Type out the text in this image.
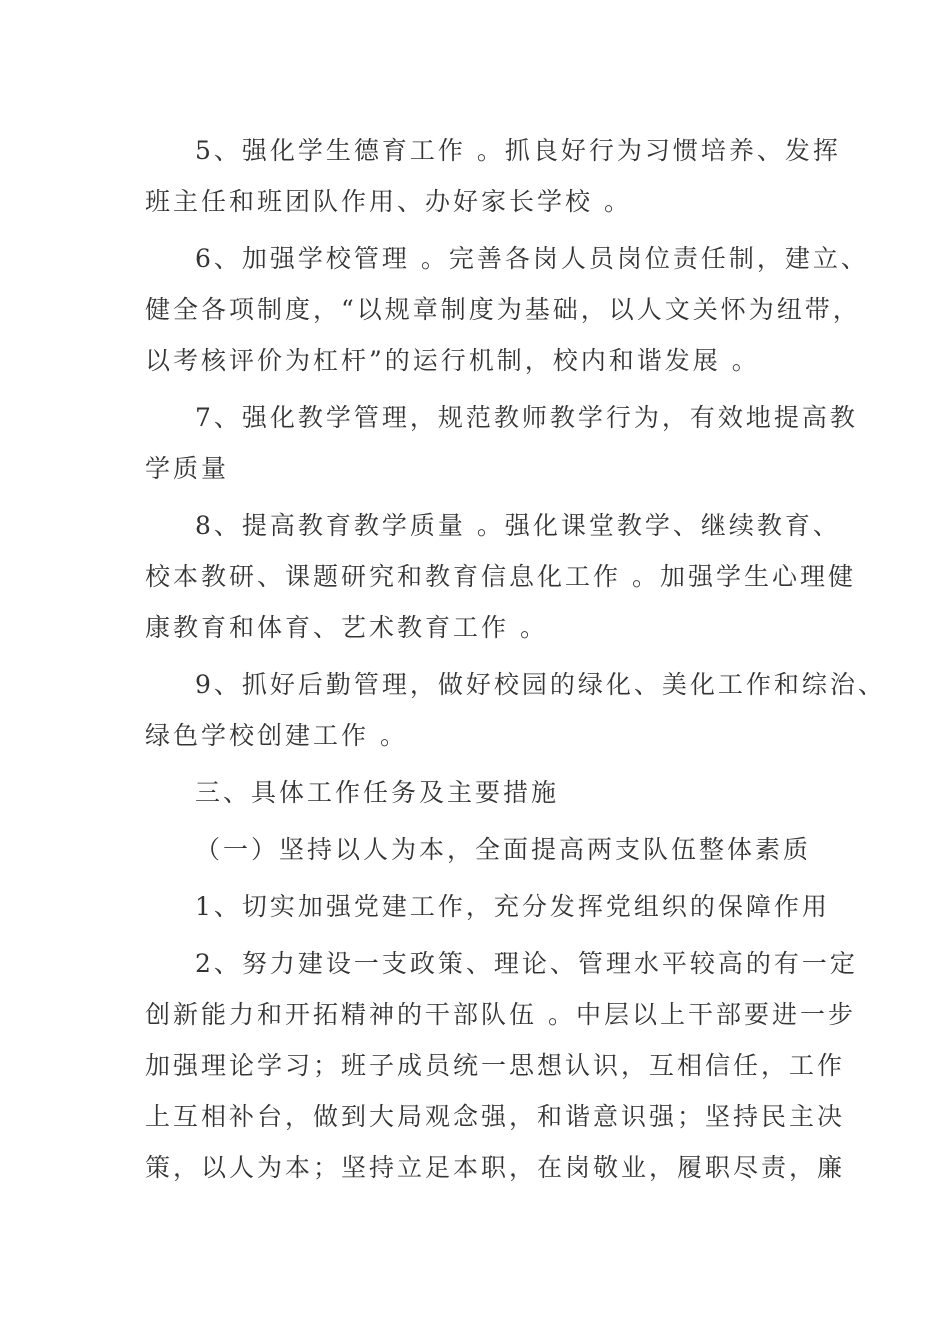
5、强化学生德育工作 。抓良好行为习惯培养、发挥
班主任和班团队作用、办好家长学校 。
6、加强学校管理 。完善各岗人员岗位责任制，建立、
健全各项制度，“以规章制度为基础，以人文关怀为纽带，
以考核评价为杠杆”的运行机制，校内和谐发展 。
7、强化教学管理，规范教师教学行为，有效地提高教
学质量
8、提高教育教学质量 。强化课堂教学、继续教育、
校本教研、课题研究和教育信息化工作 。加强学生心理健
康教育和体育、艺术教育工作 。
9、抓好后勤管理，做好校园的绿化、美化工作和综治、
绿色学校创建工作 。
三、具体工作任务及主要措施
（一）坚持以人为本，全面提高两支队伍整体素质
1、切实加强党建工作，充分发挥党组织的保障作用
2、努力建设一支政策、理论、管理水平较高的有一定
创新能力和开拓精神的干部队伍 。中层以上干部要进一步
加强理论学习；班子成员统一思想认识，互相信任，工作
上互相补台，做到大局观念强，和谐意识强；坚持民主决
策，以人为本；坚持立足本职，在岗敬业，履职尽责，廉
